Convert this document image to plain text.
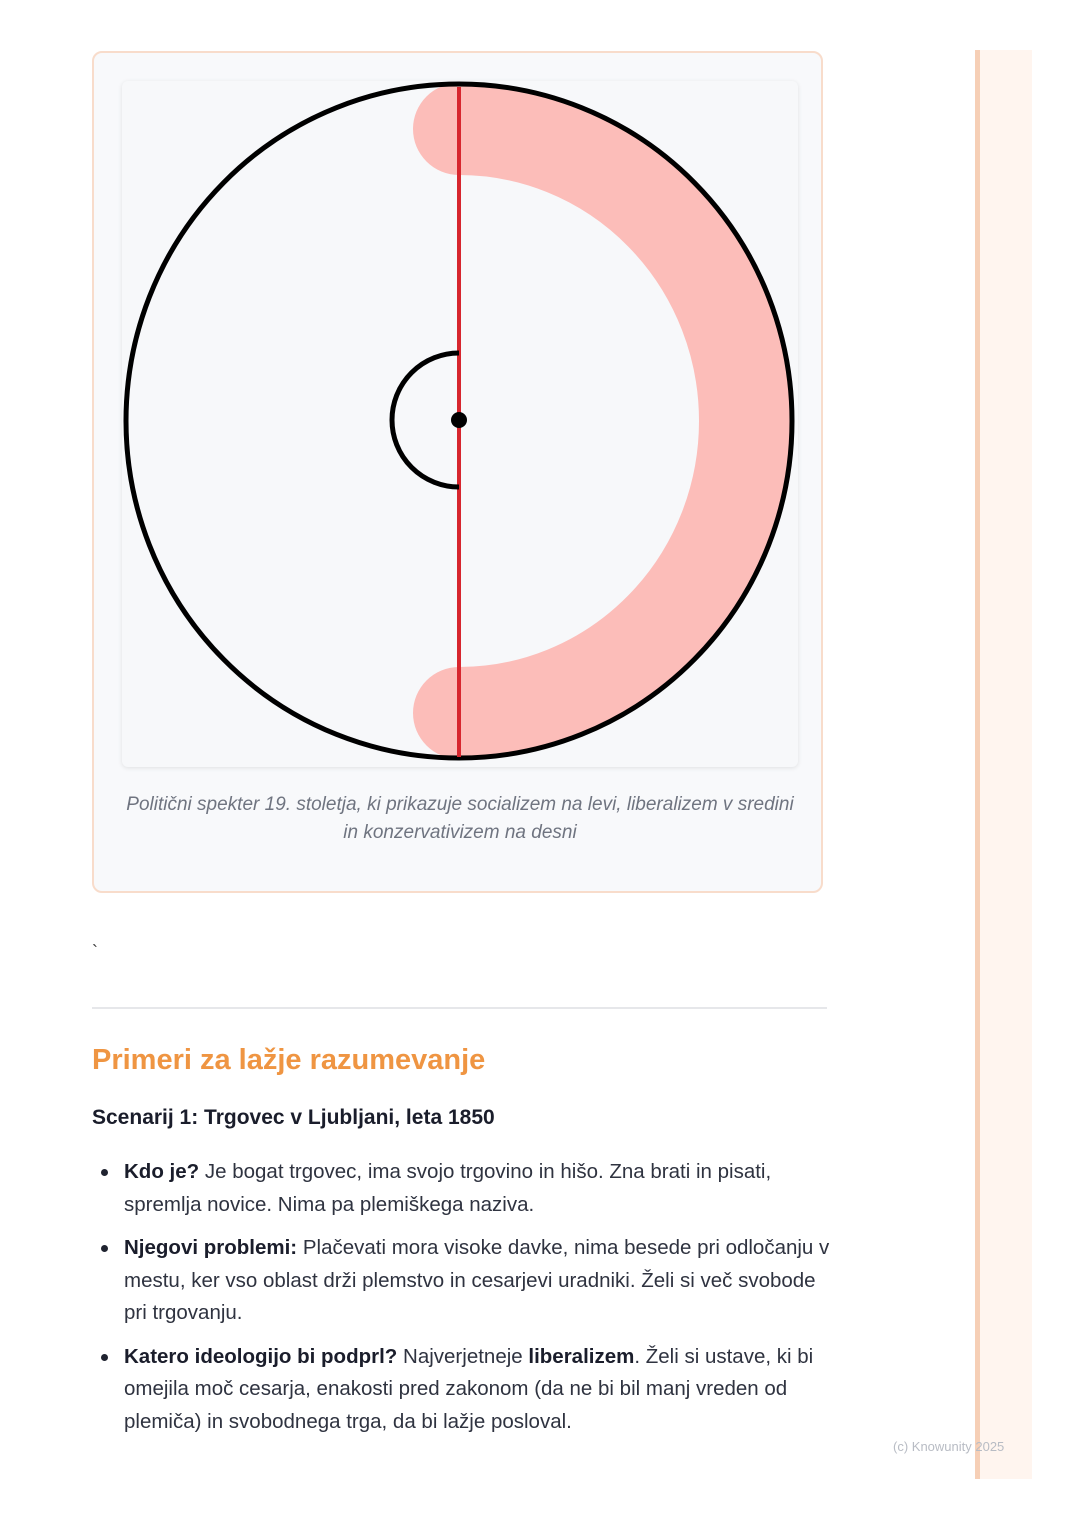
Politični spekter 19. stoletja, ki prikazuje socializem na levi, liberalizem v sredini in konzervativizem na desni
`
Primeri za lažje razumevanje
Scenarij 1: Trgovec v Ljubljani, leta 1850
Kdo je? Je bogat trgovec, ima svojo trgovino in hišo. Zna brati in pisati, spremlja novice. Nima pa plemiškega naziva.
Njegovi problemi: Plačevati mora visoke davke, nima besede pri odločanju v mestu, ker vso oblast drži plemstvo in cesarjevi uradniki. Želi si več svobode pri trgovanju.
Katero ideologijo bi podprl? Najverjetneje liberalizem. Želi si ustave, ki bi omejila moč cesarja, enakosti pred zakonom (da ne bi bil manj vreden od plemiča) in svobodnega trga, da bi lažje posloval.
(c) Knowunity 2025
